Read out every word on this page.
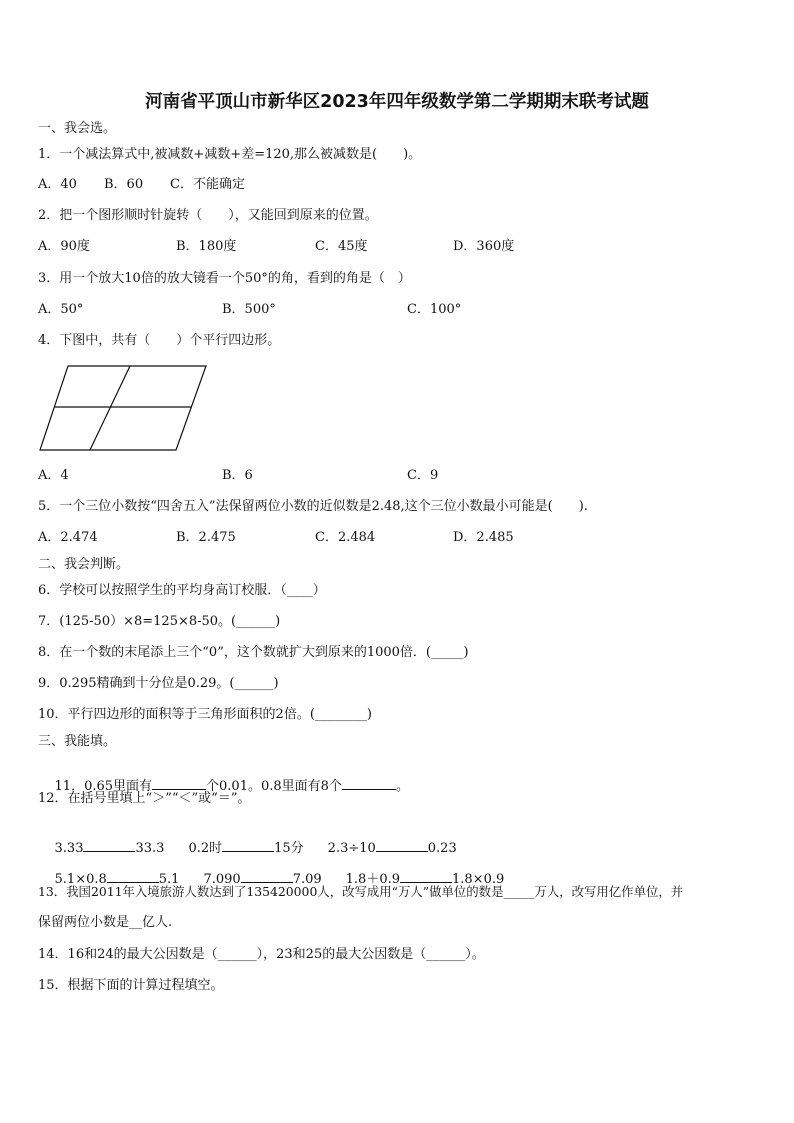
河南省平顶山市新华区2023年四年级数学第二学期期末联考试题
一、我会选。
1．一个减法算式中,被减数+减数+差=120,那么被减数是(　　)。
A．40 B．60 C．不能确定
2．把一个图形顺时针旋转（　　），又能回到原来的位置。
A．90度	B．180度	C．45度	D．360度
3．用一个放大10倍的放大镜看一个50°的角，看到的角是（　）
A．50°	B．500°	C．100°
4．下图中，共有（　　）个平行四边形。
A．4	B．6	C．9
5．一个三位小数按“四舍五入”法保留两位小数的近似数是2.48,这个三位小数最小可能是(　　).
A．2.474	B．2.475	C．2.484	D．2.485
二、我会判断。
6．学校可以按照学生的平均身高订校服．（____）
7．(125-50）×8=125×8-50。(______)
8．在一个数的末尾添上三个“0”，这个数就扩大到原来的1000倍．(_____)
9．0.295精确到十分位是0.29。(______)
10．平行四边形的面积等于三角形面积的2倍。(________)
三、我能填。

11．0.65里面有	个0.01。0.8里面有8个	。

12．在括号里填上“＞”“＜”或“＝”。

3.33	33.3 0.2时	15分 2.3÷10	0.23

5.1×0.8	5.1 7.090	7.09 1.8＋0.9	1.8×0.9

13．我国2011年入境旅游人数达到了135420000人，改写成用“万人”做单位的数是_____万人，改写用亿作单位，并
保留两位小数是__亿人.
14．16和24的最大公因数是（______），23和25的最大公因数是（______）。
15．根据下面的计算过程填空。
